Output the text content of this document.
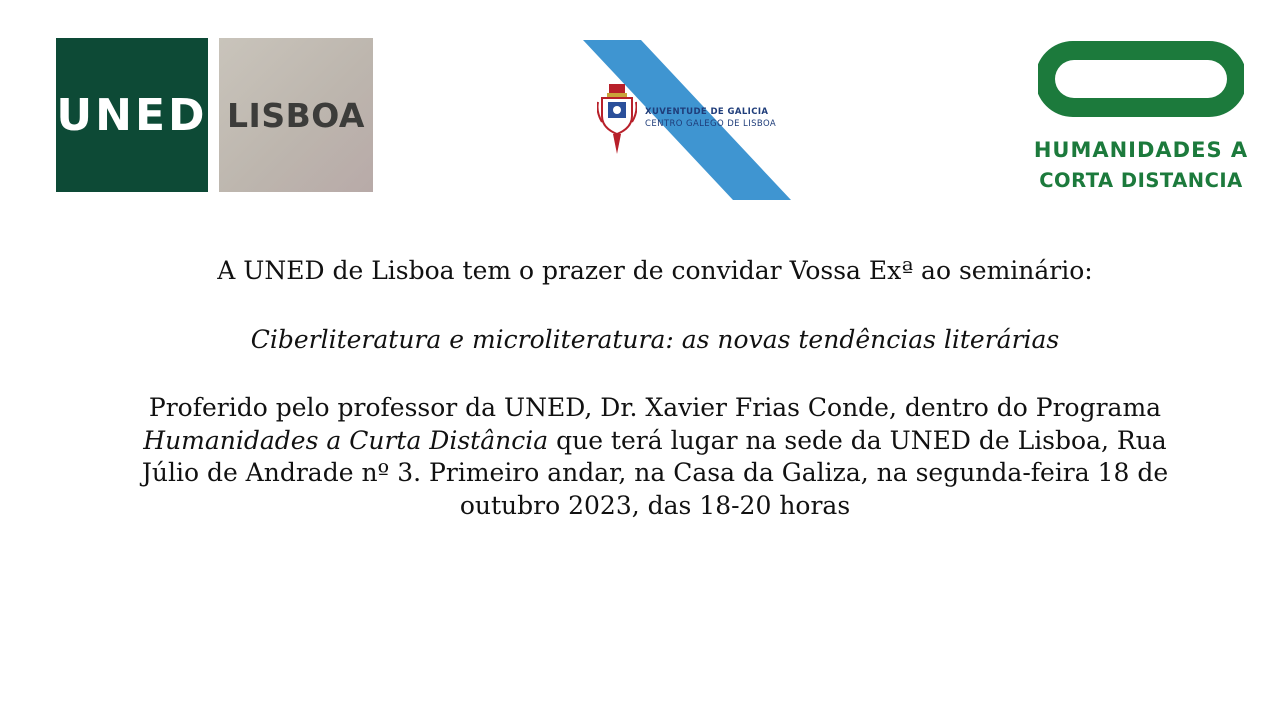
UNED LISBOA	XUVENTUDE DE GALICIA
CENTRO GALEGO DE LISBOA
HUMANIDADES A
CORTA DISTANCIA

A UNED de Lisboa tem o prazer de convidar Vossa Exª ao seminário:

Ciberliteratura e microliteratura: as novas tendências literárias

Proferido pelo professor da UNED, Dr. Xavier Frias Conde, dentro do Programa Humanidades a Curta Distância que terá lugar na sede da UNED de Lisboa, Rua Júlio de Andrade nº 3. Primeiro andar, na Casa da Galiza, na segunda-feira 18 de outubro 2023, das 18-20 horas
